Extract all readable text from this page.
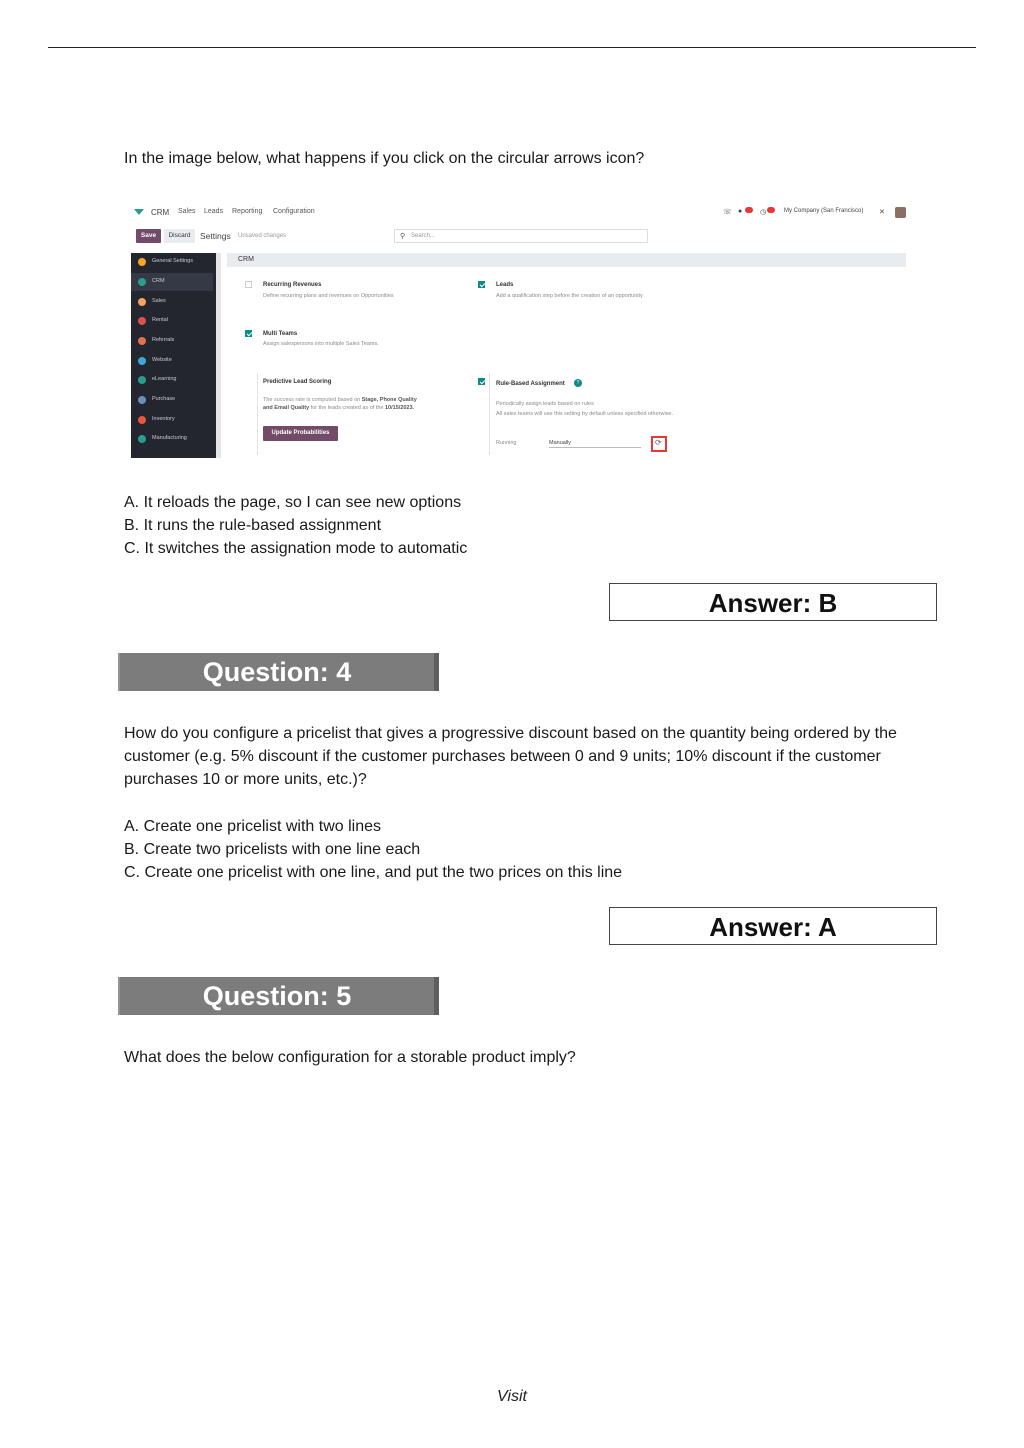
In the image below, what happens if you click on the circular arrows icon?
CRM Sales Leads Reporting Configuration	☏ ●	◷	My Company (San Francisco) ✕
Save	Discard	Settings Unsaved changes	⚲ Search...
General Settings
CRM
Sales
Rental
Referrals
Website
eLearning
Purchase
Inventory
Manufacturing
CRM
Recurring Revenues
Define recurring plans and revenues on Opportunities
Leads
Add a qualification step before the creation of an opportunity
Multi Teams
Assign salespersons into multiple Sales Teams.
Predictive Lead Scoring
The success rate is computed based on Stage, Phone Quality
and Email Quality for the leads created as of the 10/15/2023.
Update Probabilities
Rule-Based Assignment	?
Periodically assign leads based on rules
All sales teams will use this setting by default unless specified otherwise.
Running	Manually	⟳
A. It reloads the page, so I can see new options
B. It runs the rule-based assignment
C. It switches the assignation mode to automatic
Answer: B
Question: 4
How do you configure a pricelist that gives a progressive discount based on the quantity being ordered by the customer (e.g. 5% discount if the customer purchases between 0 and 9 units; 10% discount if the customer purchases 10 or more units, etc.)?
A. Create one pricelist with two lines
B. Create two pricelists with one line each
C. Create one pricelist with one line, and put the two prices on this line
Answer: A
Question: 5
What does the below configuration for a storable product imply?
Visit
